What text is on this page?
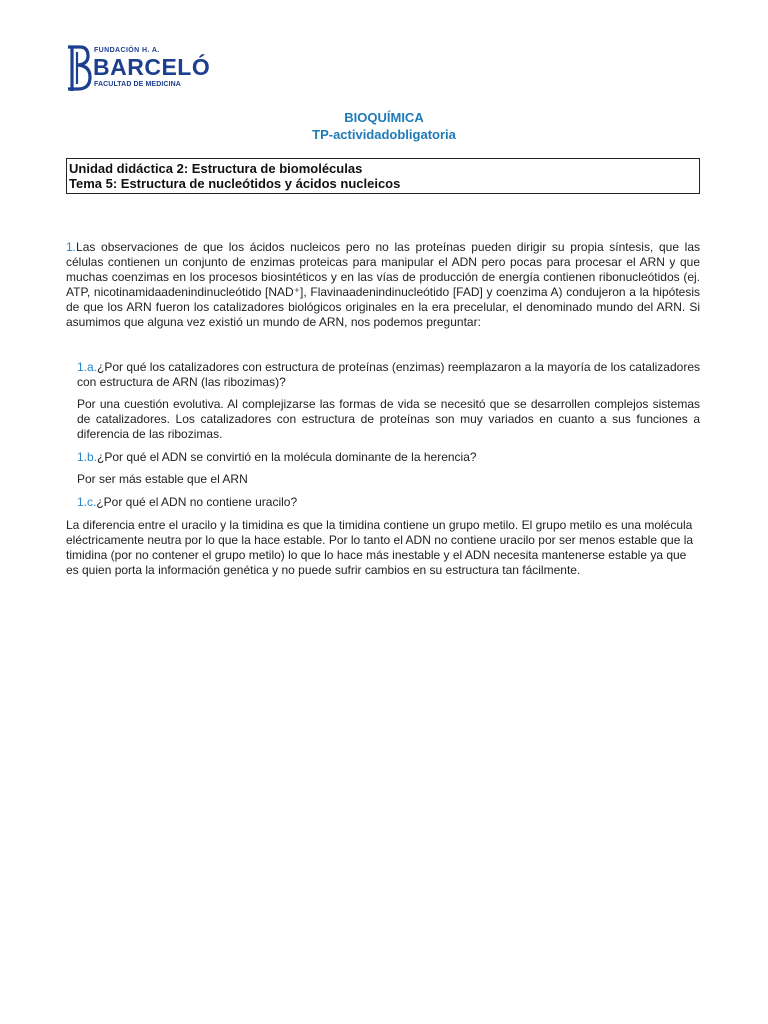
FUNDACIÓN H. A.
BARCELÓ
FACULTAD DE MEDICINA
BIOQUÍMICA
TP-actividadobligatoria
Unidad didáctica 2: Estructura de biomoléculas
Tema 5: Estructura de nucleótidos y ácidos nucleicos
1.Las observaciones de que los ácidos nucleicos pero no las proteínas pueden dirigir su propia síntesis, que las células contienen un conjunto de enzimas proteicas para manipular el ADN pero pocas para procesar el ARN y que muchas coenzimas en los procesos biosintéticos y en las vías de producción de energía contienen ribonucleótidos (ej. ATP, nicotinamidaadenindinucleótido [NAD⁺], Flavinaadenindinucleótido [FAD] y coenzima A) condujeron a la hipótesis de que los ARN fueron los catalizadores biológicos originales en la era precelular, el denominado mundo del ARN. Si asumimos que alguna vez existió un mundo de ARN, nos podemos preguntar:
1.a.¿Por qué los catalizadores con estructura de proteínas (enzimas) reemplazaron a la mayoría de los catalizadores con estructura de ARN (las ribozimas)?
Por una cuestión evolutiva. Al complejizarse las formas de vida se necesitó que se desarrollen complejos sistemas de catalizadores. Los catalizadores con estructura de proteínas son muy variados en cuanto a sus funciones a diferencia de las ribozimas.
1.b.¿Por qué el ADN se convirtió en la molécula dominante de la herencia?
Por ser más estable que el ARN
1.c.¿Por qué el ADN no contiene uracilo?
La diferencia entre el uracilo y la timidina es que la timidina contiene un grupo metilo. El grupo metilo es una molécula eléctricamente neutra por lo que la hace estable. Por lo tanto el ADN no contiene uracilo por ser menos estable que la timidina (por no contener el grupo metilo) lo que lo hace más inestable y el ADN necesita mantenerse estable ya que es quien porta la información genética y no puede sufrir cambios en su estructura tan fácilmente.
